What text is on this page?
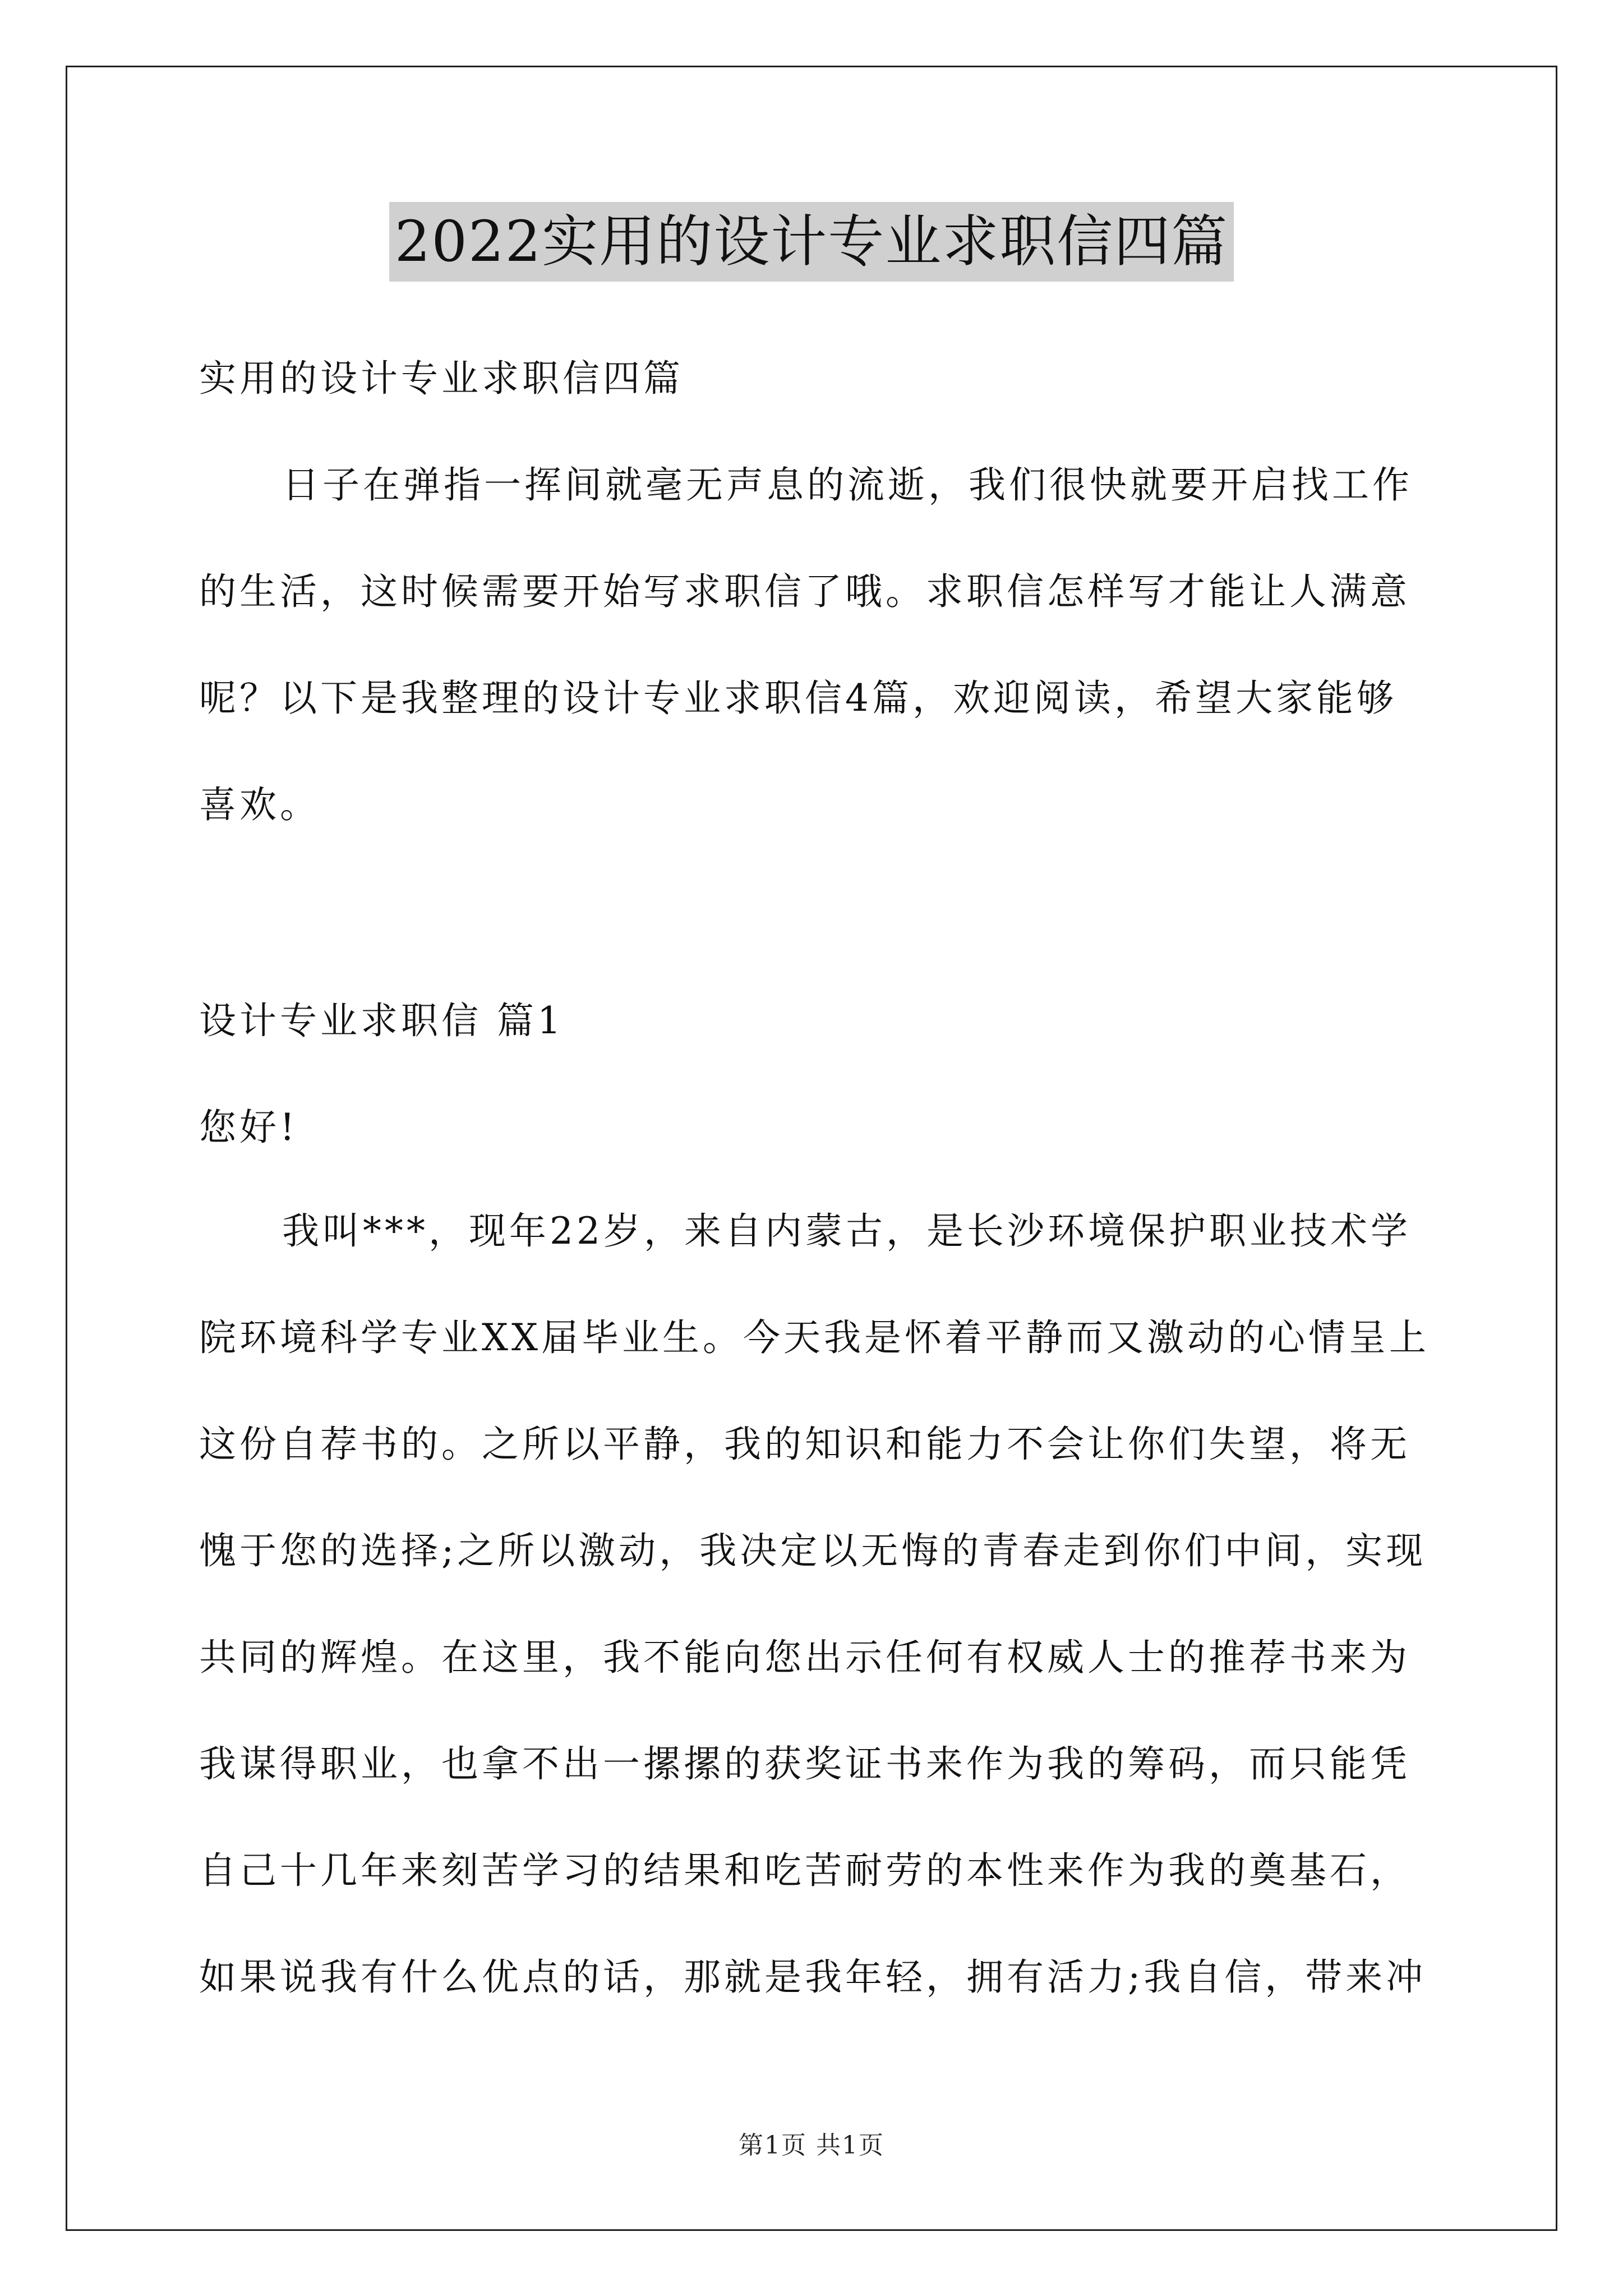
2022实用的设计专业求职信四篇
实用的设计专业求职信四篇
日子在弹指一挥间就毫无声息的流逝，我们很快就要开启找工作
的生活，这时候需要开始写求职信了哦。求职信怎样写才能让人满意
呢？以下是我整理的设计专业求职信4篇，欢迎阅读，希望大家能够
喜欢。
设计专业求职信 篇1
您好!
我叫***，现年22岁，来自内蒙古，是长沙环境保护职业技术学
院环境科学专业XX届毕业生。今天我是怀着平静而又激动的心情呈上
这份自荐书的。之所以平静，我的知识和能力不会让你们失望，将无
愧于您的选择;之所以激动，我决定以无悔的青春走到你们中间，实现
共同的辉煌。在这里，我不能向您出示任何有权威人士的推荐书来为
我谋得职业，也拿不出一摞摞的获奖证书来作为我的筹码，而只能凭
自己十几年来刻苦学习的结果和吃苦耐劳的本性来作为我的奠基石，
如果说我有什么优点的话，那就是我年轻，拥有活力;我自信，带来冲
第1页 共1页
